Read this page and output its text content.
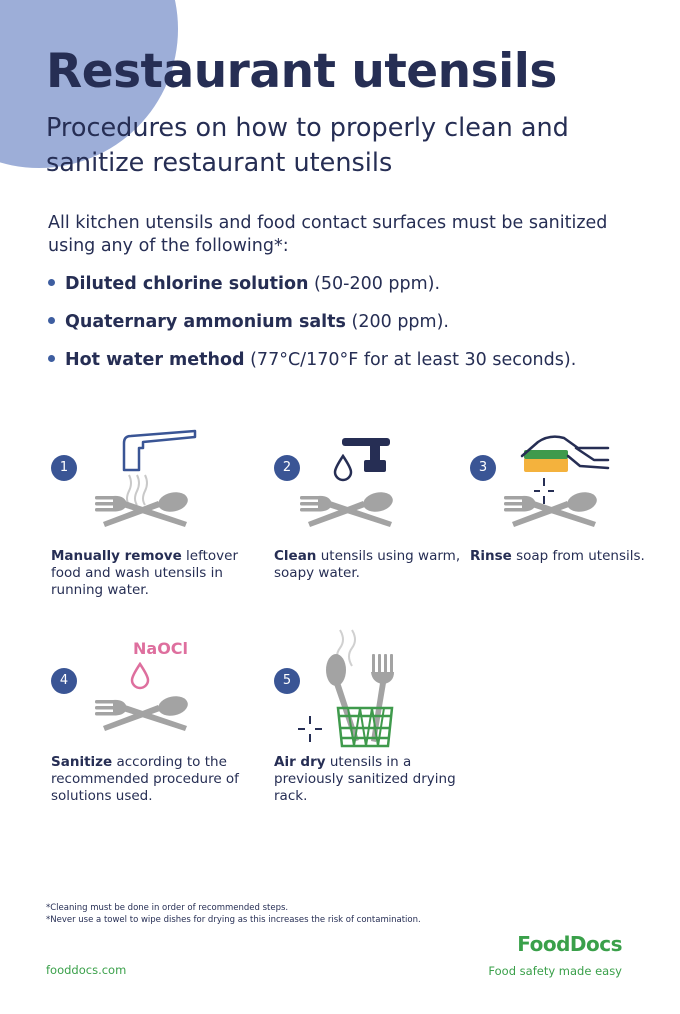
Restaurant utensils
Procedures on how to properly clean and sanitize restaurant utensils

All kitchen utensils and food contact surfaces must be sanitized using any of the following*:

Diluted chlorine solution (50-200 ppm).
Quaternary ammonium salts (200 ppm).
Hot water method (77°C/170°F for at least 30 seconds).
1

Manually remove leftover food and wash utensils in running water.

2

Clean utensils using warm, soapy water.

3

Rinse soap from utensils.

4
NaOCl

Sanitize according to the recommended procedure of solutions used.

5

Air dry utensils in a previously sanitized drying rack.

*Cleaning must be done in order of recommended steps.
*Never use a towel to wipe dishes for drying as this increases the risk of contamination.
fooddocs.com
FoodDocs
Food safety made easy
